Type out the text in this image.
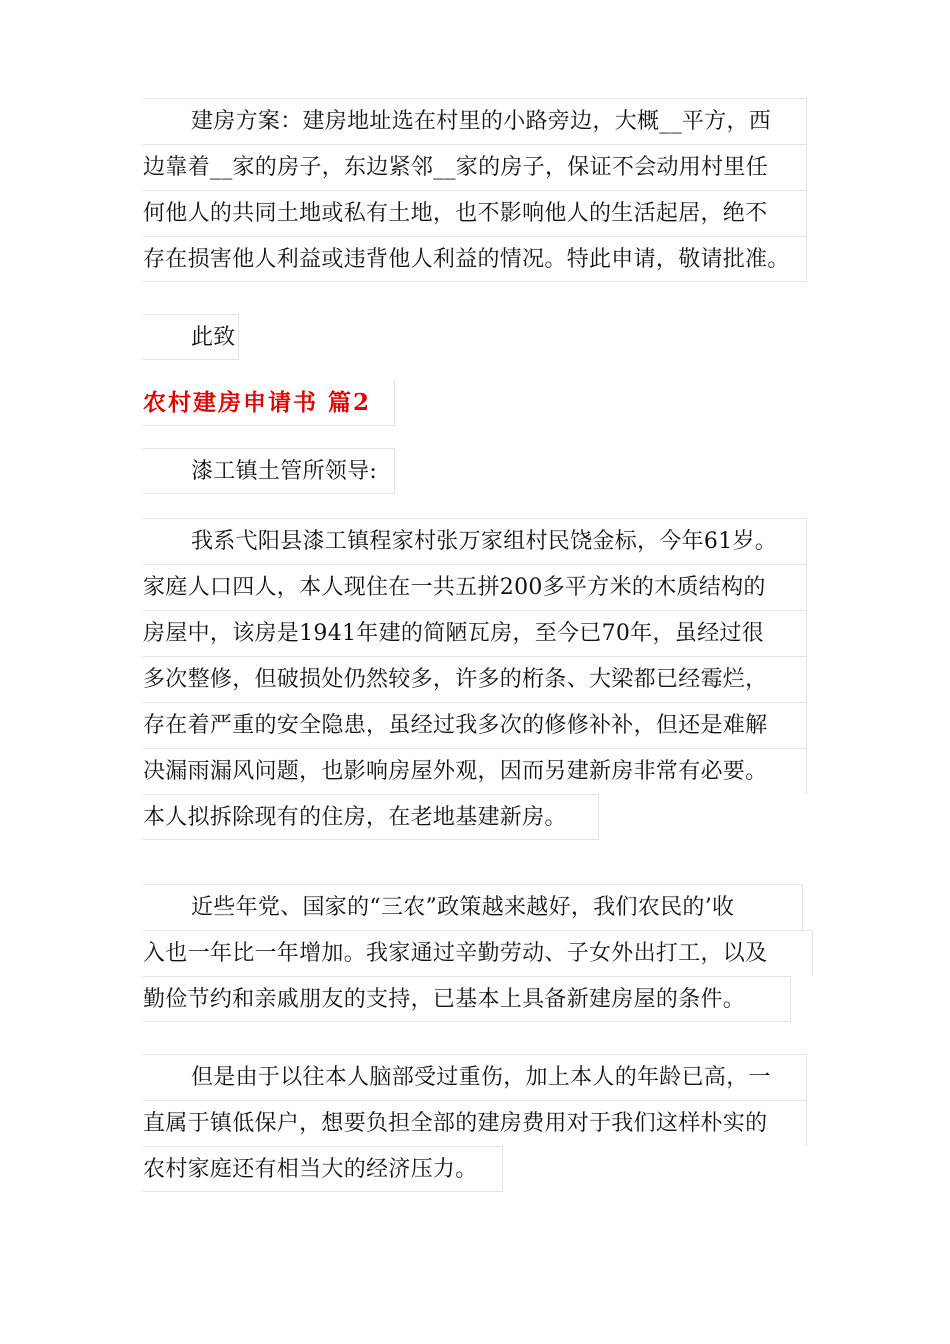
建房方案：建房地址选在村里的小路旁边，大概__平方，西
边靠着__家的房子，东边紧邻__家的房子，保证不会动用村里任
何他人的共同土地或私有土地，也不影响他人的生活起居，绝不
存在损害他人利益或违背他人利益的情况。特此申请，敬请批准。
此致
农村建房申请书 篇2
漆工镇土管所领导:
我系弋阳县漆工镇程家村张万家组村民饶金标，今年61岁。
家庭人口四人，本人现住在一共五拼200多平方米的木质结构的
房屋中，该房是1941年建的简陋瓦房，至今已70年，虽经过很
多次整修，但破损处仍然较多，许多的桁条、大梁都已经霉烂，
存在着严重的安全隐患，虽经过我多次的修修补补，但还是难解
决漏雨漏风问题，也影响房屋外观，因而另建新房非常有必要。
本人拟拆除现有的住房，在老地基建新房。
近些年党、国家的“三农”政策越来越好，我们农民的’收
入也一年比一年增加。我家通过辛勤劳动、子女外出打工，以及
勤俭节约和亲戚朋友的支持，已基本上具备新建房屋的条件。
但是由于以往本人脑部受过重伤，加上本人的年龄已高，一
直属于镇低保户，想要负担全部的建房费用对于我们这样朴实的
农村家庭还有相当大的经济压力。
